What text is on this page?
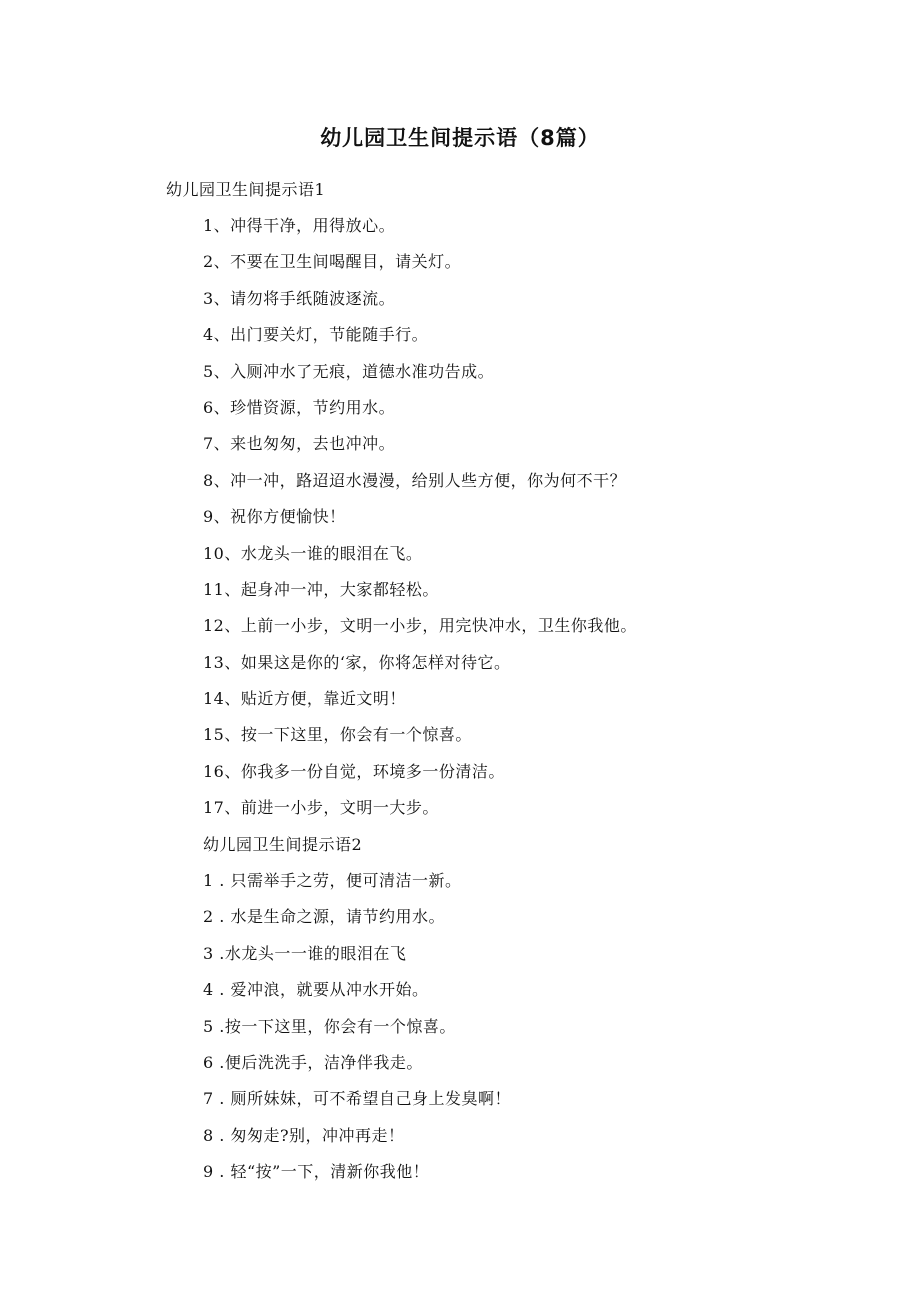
幼儿园卫生间提示语（8篇）
幼儿园卫生间提示语1
1、冲得干净，用得放心。
2、不要在卫生间喝醒目，请关灯。
3、请勿将手纸随波逐流。
4、出门要关灯，节能随手行。
5、入厕冲水了无痕，道德水准功告成。
6、珍惜资源，节约用水。
7、来也匆匆，去也冲冲。
8、冲一冲，路迢迢水漫漫，给别人些方便，你为何不干？
9、祝你方便愉快！
10、水龙头一谁的眼泪在飞。
11、起身冲一冲，大家都轻松。
12、上前一小步，文明一小步，用完快冲水，卫生你我他。
13、如果这是你的‘家，你将怎样对待它。
14、贴近方便，靠近文明！
15、按一下这里，你会有一个惊喜。
16、你我多一份自觉，环境多一份清洁。
17、前进一小步，文明一大步。
幼儿园卫生间提示语2
1 . 只需举手之劳，便可清洁一新。
2 . 水是生命之源，请节约用水。
3 .水龙头一一谁的眼泪在飞
4 . 爱冲浪，就要从冲水开始。
5 .按一下这里，你会有一个惊喜。
6 .便后洗洗手，洁净伴我走。
7 . 厕所妹妹，可不希望自己身上发臭啊！
8 . 匆匆走?别，冲冲再走！
9 . 轻“按”一下，清新你我他！
